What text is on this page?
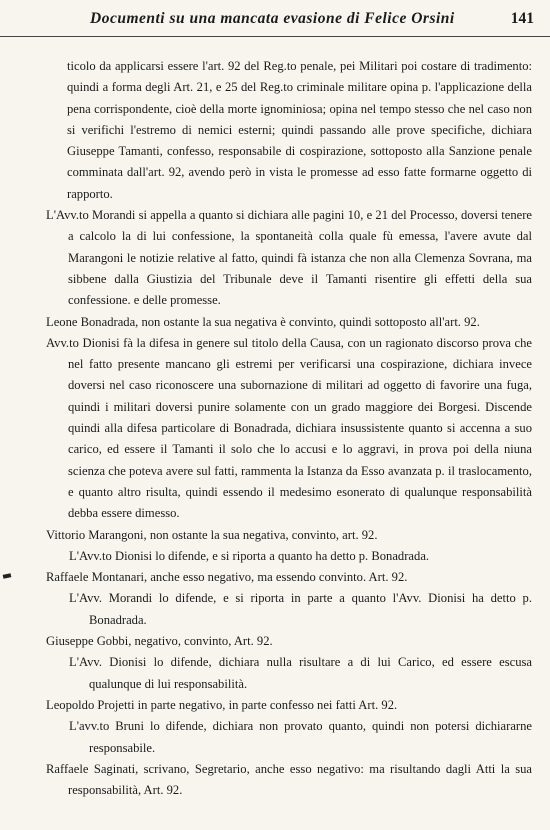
Documenti su una mancata evasione di Felice Orsini	141

ticolo da applicarsi essere l'art. 92 del Reg.to penale, pei Militari poi costare di tradimento: quindi a forma degli Art. 21, e 25 del Reg.to criminale militare opina p. l'applicazione della pena corrispondente, cioè della morte ignominiosa; opina nel tempo stesso che nel caso non si verifichi l'estremo di nemici esterni; quindi passando alle prove specifiche, dichiara Giuseppe Tamanti, confesso, responsabile di cospirazione, sottoposto alla Sanzione penale comminata dall'art. 92, avendo però in vista le promesse ad esso fatte formarne oggetto di rapporto.

L'Avv.to Morandi si appella a quanto si dichiara alle pagini 10, e 21 del Processo, doversi tenere a calcolo la di lui confessione, la spontaneità colla quale fù emessa, l'avere avute dal Marangoni le notizie relative al fatto, quindi fà istanza che non alla Clemenza Sovrana, ma sibbene dalla Giustizia del Tribunale deve il Tamanti risentire gli effetti della sua confessione. e delle promesse.

Leone Bonadrada, non ostante la sua negativa è convinto, quindi sottoposto all'art. 92.

Avv.to Dionisi fà la difesa in genere sul titolo della Causa, con un ragionato discorso prova che nel fatto presente mancano gli estremi per verificarsi una cospirazione, dichiara invece doversi nel caso riconoscere una subornazione di militari ad oggetto di favorire una fuga, quindi i militari doversi punire solamente con un grado maggiore dei Borgesi. Discende quindi alla difesa particolare di Bonadrada, dichiara insussistente quanto si accenna a suo carico, ed essere il Tamanti il solo che lo accusi e lo aggravi, in prova poi della niuna scienza che poteva avere sul fatti, rammenta la Istanza da Esso avanzata p. il traslocamento, e quanto altro risulta, quindi essendo il medesimo esonerato di qualunque responsabilità debba essere dimesso.

Vittorio Marangoni, non ostante la sua negativa, convinto, art. 92.

L'Avv.to Dionisi lo difende, e si riporta a quanto ha detto p. Bonadrada.

Raffaele Montanari, anche esso negativo, ma essendo convinto. Art. 92.

L'Avv. Morandi lo difende, e si riporta in parte a quanto l'Avv. Dionisi ha detto p. Bonadrada.

Giuseppe Gobbi, negativo, convinto, Art. 92.

L'Avv. Dionisi lo difende, dichiara nulla risultare a di lui Carico, ed essere escusa qualunque di lui responsabilità.

Leopoldo Projetti in parte negativo, in parte confesso nei fatti Art. 92.

L'avv.to Bruni lo difende, dichiara non provato quanto, quindi non potersi dichiararne responsabile.

Raffaele Saginati, scrivano, Segretario, anche esso negativo: ma risultando dagli Atti la sua responsabilità, Art. 92.
